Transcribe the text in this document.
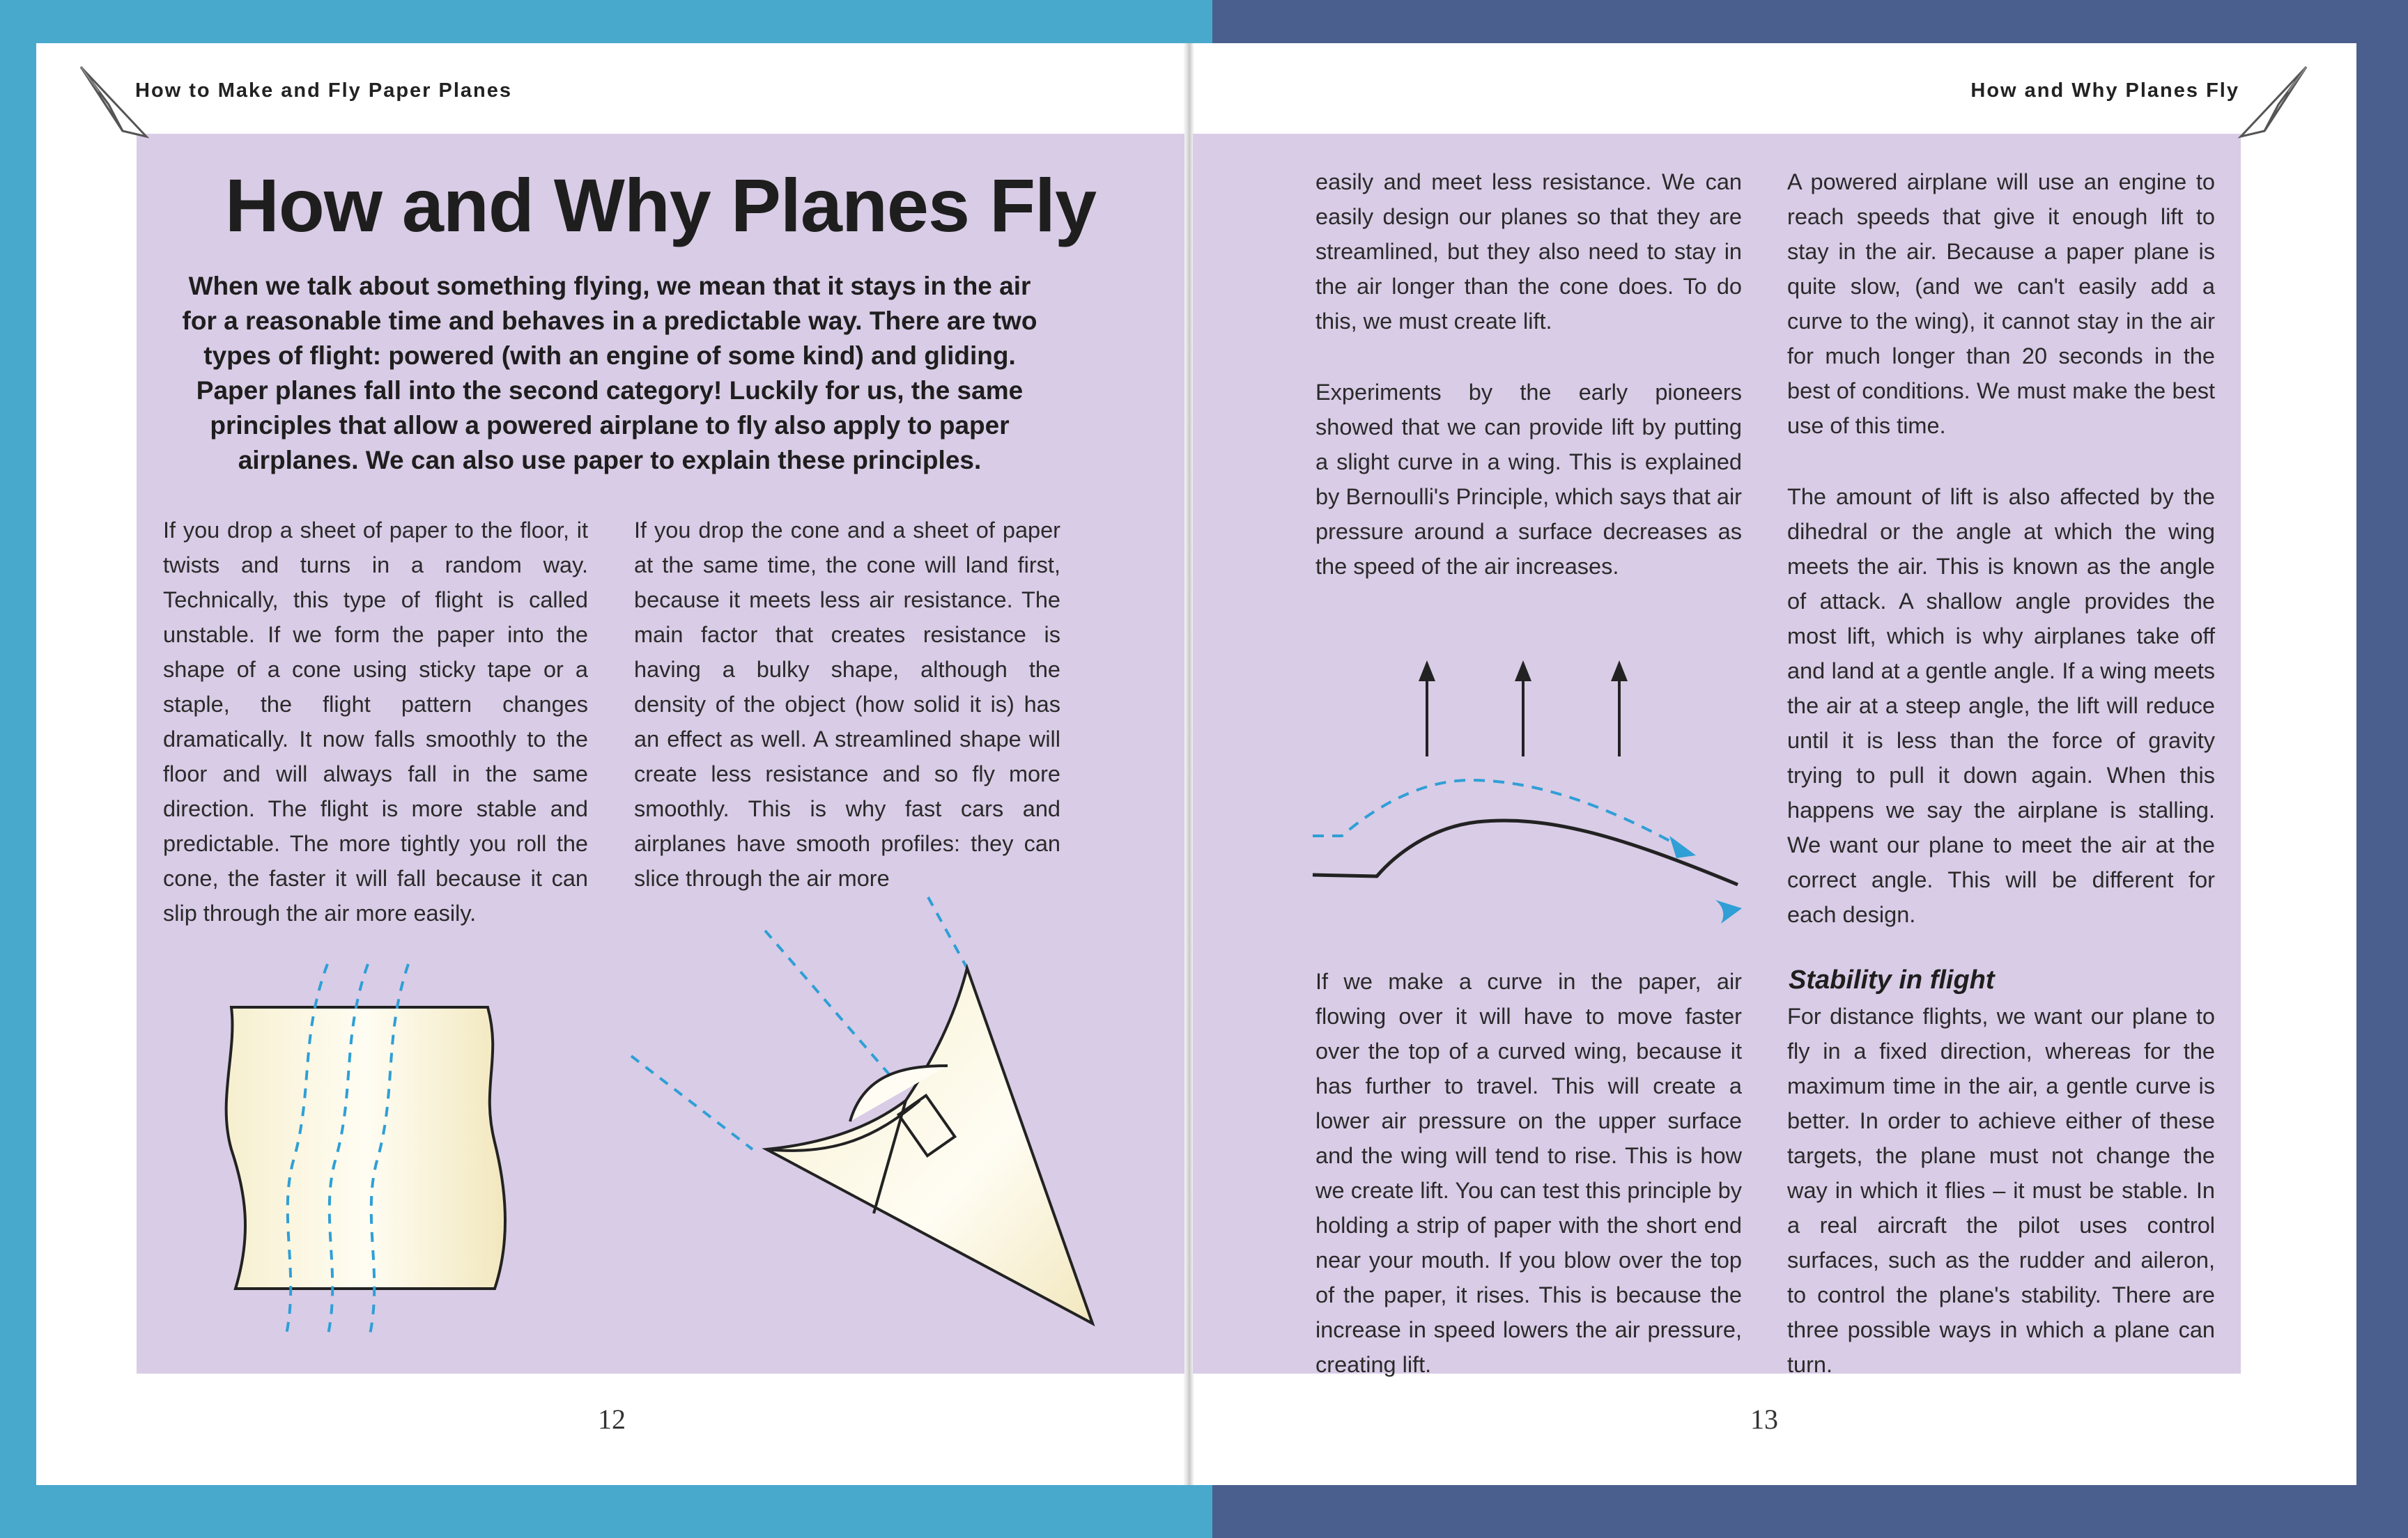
How to Make and Fly Paper Planes	How and Why Planes Fly

How and Why Planes Fly

When we talk about something flying, we mean that it stays in the air for a reasonable time and behaves in a predictable way. There are two types of flight: powered (with an engine of some kind) and gliding. Paper planes fall into the second category! Luckily for us, the same principles that allow a powered airplane to fly also apply to paper airplanes. We can also use paper to explain these principles.

If you drop a sheet of paper to the floor, it twists and turns in a random way. Technically, this type of flight is called unstable. If we form the paper into the shape of a cone using sticky tape or a staple, the flight pattern changes dramatically. It now falls smoothly to the floor and will always fall in the same direction. The flight is more stable and predictable. The more tightly you roll the cone, the faster it will fall because it can slip through the air more easily.

If you drop the cone and a sheet of paper at the same time, the cone will land first, because it meets less air resistance. The main factor that creates resistance is having a bulky shape, although the density of the object (how solid it is) has an effect as well. A streamlined shape will create less resistance and so fly more smoothly. This is why fast cars and airplanes have smooth profiles: they can slice through the air more

12

easily and meet less resistance. We can easily design our planes so that they are streamlined, but they also need to stay in the air longer than the cone does. To do this, we must create lift.

Experiments by the early pioneers showed that we can provide lift by putting a slight curve in a wing. This is explained by Bernoulli's Principle, which says that air pressure around a surface decreases as the speed of the air increases.

If we make a curve in the paper, air flowing over it will have to move faster over the top of a curved wing, because it has further to travel. This will create a lower air pressure on the upper surface and the wing will tend to rise. This is how we create lift. You can test this principle by holding a strip of paper with the short end near your mouth. If you blow over the top of the paper, it rises. This is because the increase in speed lowers the air pressure, creating lift.

A powered airplane will use an engine to reach speeds that give it enough lift to stay in the air. Because a paper plane is quite slow, (and we can't easily add a curve to the wing), it cannot stay in the air for much longer than 20 seconds in the best of conditions. We must make the best use of this time.

The amount of lift is also affected by the dihedral or the angle at which the wing meets the air. This is known as the angle of attack. A shallow angle provides the most lift, which is why airplanes take off and land at a gentle angle. If a wing meets the air at a steep angle, the lift will reduce until it is less than the force of gravity trying to pull it down again. When this happens we say the airplane is stalling. We want our plane to meet the air at the correct angle. This will be different for each design.

Stability in flight

For distance flights, we want our plane to fly in a fixed direction, whereas for the maximum time in the air, a gentle curve is better. In order to achieve either of these targets, the plane must not change the way in which it flies – it must be stable. In a real aircraft the pilot uses control surfaces, such as the rudder and aileron, to control the plane's stability. There are three possible ways in which a plane can turn.

13
